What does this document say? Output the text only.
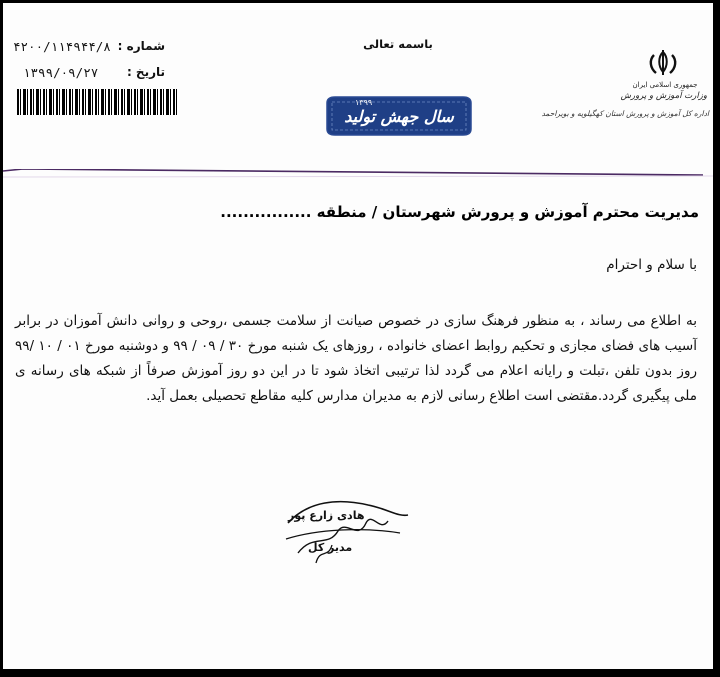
جمهوری اسلامی ایران
وزارت آموزش و پرورش
اداره کل آموزش و پرورش استان کهگیلویه و بویراحمد
باسمه تعالی
سال جهش تولید
۱۳۹۹
شماره :
۴۲۰۰/۱۱۴۹۴۴/۸
تاریخ :
۱۳۹۹/۰۹/۲۷
مدیریت محترم آموزش و پرورش شهرستان / منطقه ................
با سلام و احترام
به اطلاع می رساند ، به منظور فرهنگ سازی در خصوص صیانت از سلامت جسمی ،روحی و روانی دانش آموزان در برابر آسیب های فضای مجازی و تحکیم روابط اعضای خانواده ، روزهای یک شنبه مورخ ۳۰ / ۰۹ / ۹۹ و دوشنبه مورخ ۰۱ / ۱۰ /۹۹ روز بدون تلفن ،تبلت و رایانه اعلام می گردد لذا ترتیبی اتخاذ شود تا در این دو روز آموزش صرفاً از شبکه های رسانه ی ملی پیگیری گردد.مقتضی است اطلاع رسانی لازم به مدیران مدارس کلیه مقاطع تحصیلی بعمل آید.
هادی زارع پور
مدیر کل
